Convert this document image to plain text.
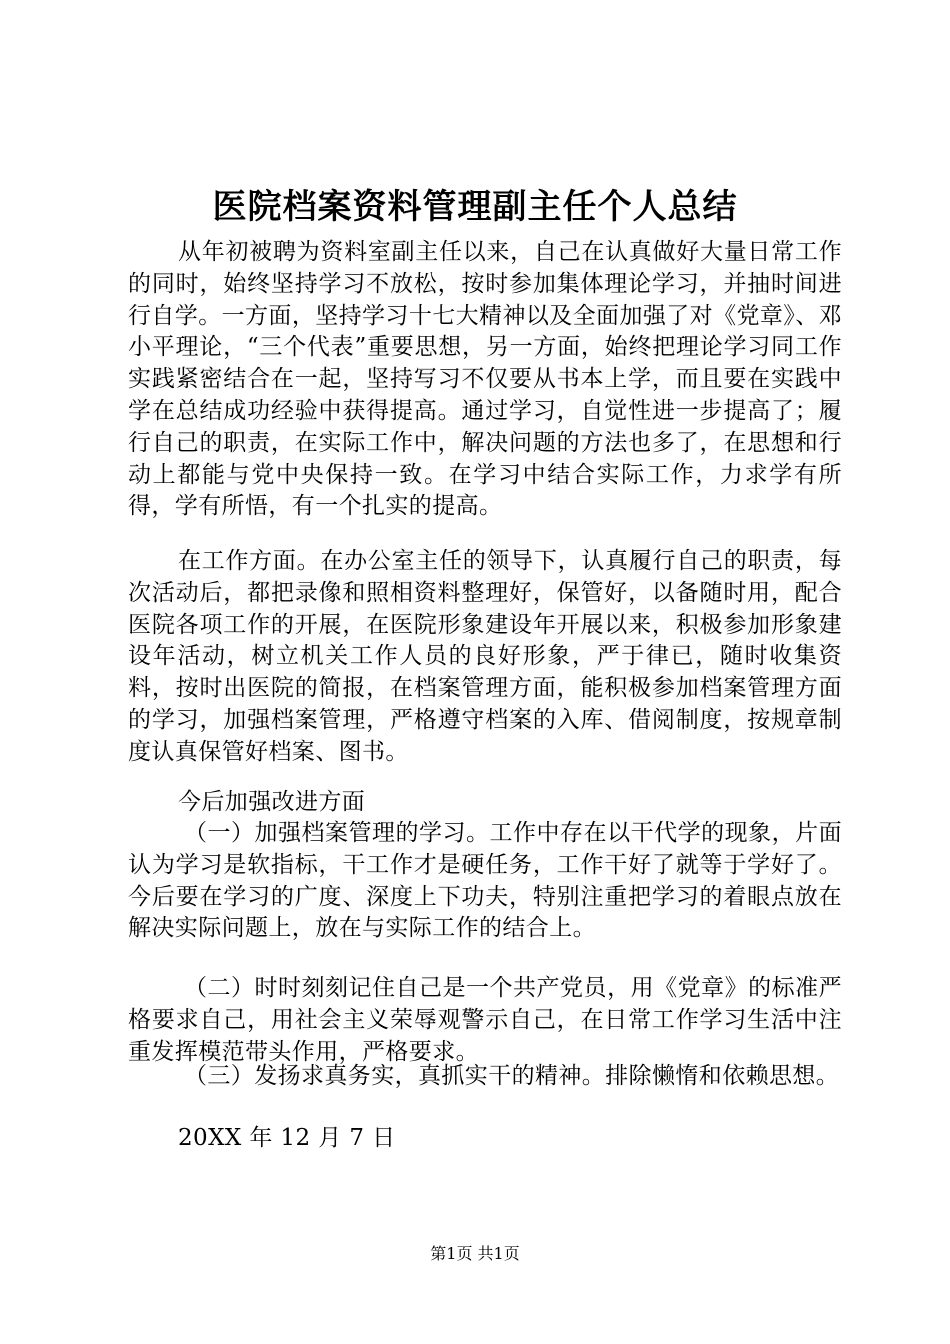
医院档案资料管理副主任个人总结
从年初被聘为资料室副主任以来，自己在认真做好大量日常工作的同时，始终坚持学习不放松，按时参加集体理论学习，并抽时间进行自学。一方面，坚持学习十七大精神以及全面加强了对《党章》、邓小平理论，“三个代表”重要思想，另一方面，始终把理论学习同工作实践紧密结合在一起，坚持写习不仅要从书本上学，而且要在实践中学在总结成功经验中获得提高。通过学习，自觉性进一步提高了；履行自己的职责，在实际工作中，解决问题的方法也多了，在思想和行动上都能与党中央保持一致。在学习中结合实际工作，力求学有所得，学有所悟，有一个扎实的提高。
在工作方面。在办公室主任的领导下，认真履行自己的职责，每次活动后，都把录像和照相资料整理好，保管好，以备随时用，配合医院各项工作的开展，在医院形象建设年开展以来，积极参加形象建设年活动，树立机关工作人员的良好形象，严于律已，随时收集资料，按时出医院的简报，在档案管理方面，能积极参加档案管理方面的学习，加强档案管理，严格遵守档案的入库、借阅制度，按规章制度认真保管好档案、图书。
今后加强改进方面
（一）加强档案管理的学习。工作中存在以干代学的现象，片面认为学习是软指标，干工作才是硬任务，工作干好了就等于学好了。今后要在学习的广度、深度上下功夫，特别注重把学习的着眼点放在解决实际问题上，放在与实际工作的结合上。
（二）时时刻刻记住自己是一个共产党员，用《党章》的标准严格要求自己，用社会主义荣辱观警示自己，在日常工作学习生活中注重发挥模范带头作用，严格要求。
（三）发扬求真务实，真抓实干的精神。排除懒惰和依赖思想。
20XX 年 12 月 7 日
第1页 共1页
